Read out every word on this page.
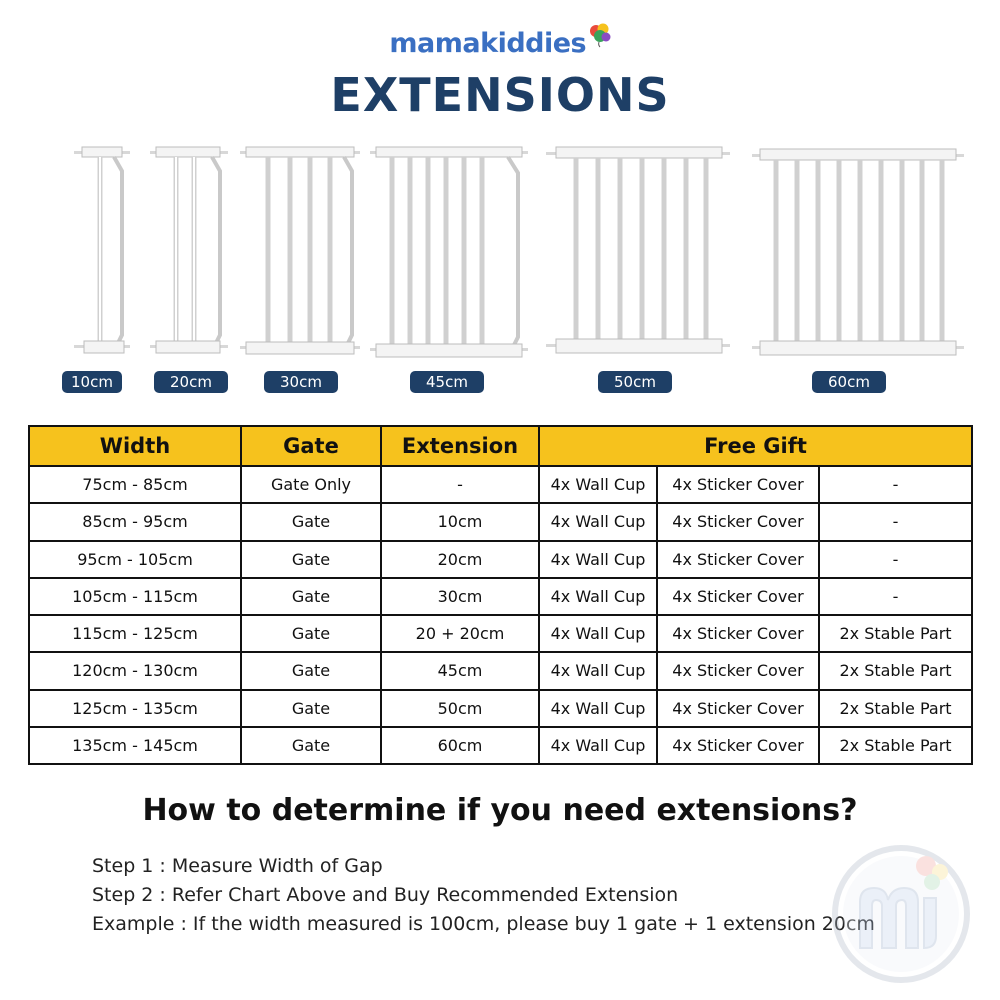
mamakiddies
EXTENSIONS
10cm	20cm	30cm	45cm	50cm	60cm
Width	Gate	Extension	Free Gift		
75cm - 85cm	Gate Only	-	4x Wall Cup	4x Sticker Cover	-
85cm - 95cm	Gate	10cm	4x Wall Cup	4x Sticker Cover	-
95cm - 105cm	Gate	20cm	4x Wall Cup	4x Sticker Cover	-
105cm - 115cm	Gate	30cm	4x Wall Cup	4x Sticker Cover	-
115cm - 125cm	Gate	20 + 20cm	4x Wall Cup	4x Sticker Cover	2x Stable Part
120cm - 130cm	Gate	45cm	4x Wall Cup	4x Sticker Cover	2x Stable Part
125cm - 135cm	Gate	50cm	4x Wall Cup	4x Sticker Cover	2x Stable Part
135cm - 145cm	Gate	60cm	4x Wall Cup	4x Sticker Cover	2x Stable Part
How to determine if you need extensions?
Step 1 : Measure Width of Gap
Step 2 : Refer Chart Above and Buy Recommended Extension
Example : If the width measured is 100cm, please buy 1 gate + 1 extension 20cm
